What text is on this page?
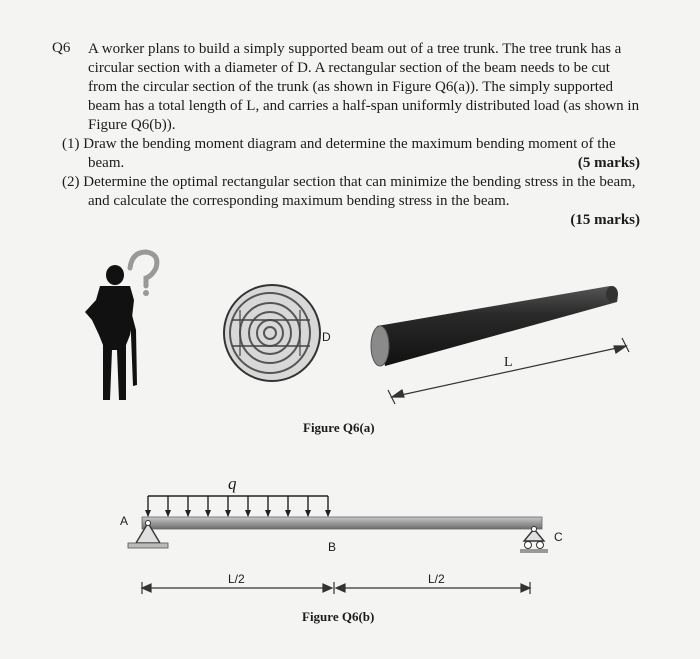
Q6 A worker plans to build a simply supported beam out of a tree trunk. The tree trunk has a circular section with a diameter of D. A rectangular section of the beam needs to be cut from the circular section of the trunk (as shown in Figure Q6(a)). The simply supported beam has a total length of L, and carries a half-span uniformly distributed load (as shown in Figure Q6(b)).

(1) Draw the bending moment diagram and determine the maximum bending moment of the beam.	(5 marks)

(2) Determine the optimal rectangular section that can minimize the bending stress in the beam, and calculate the corresponding maximum bending stress in the beam.

(15 marks)

D
L
Figure Q6(a)
q
A
B
C
L/2	L/2
Figure Q6(b)
